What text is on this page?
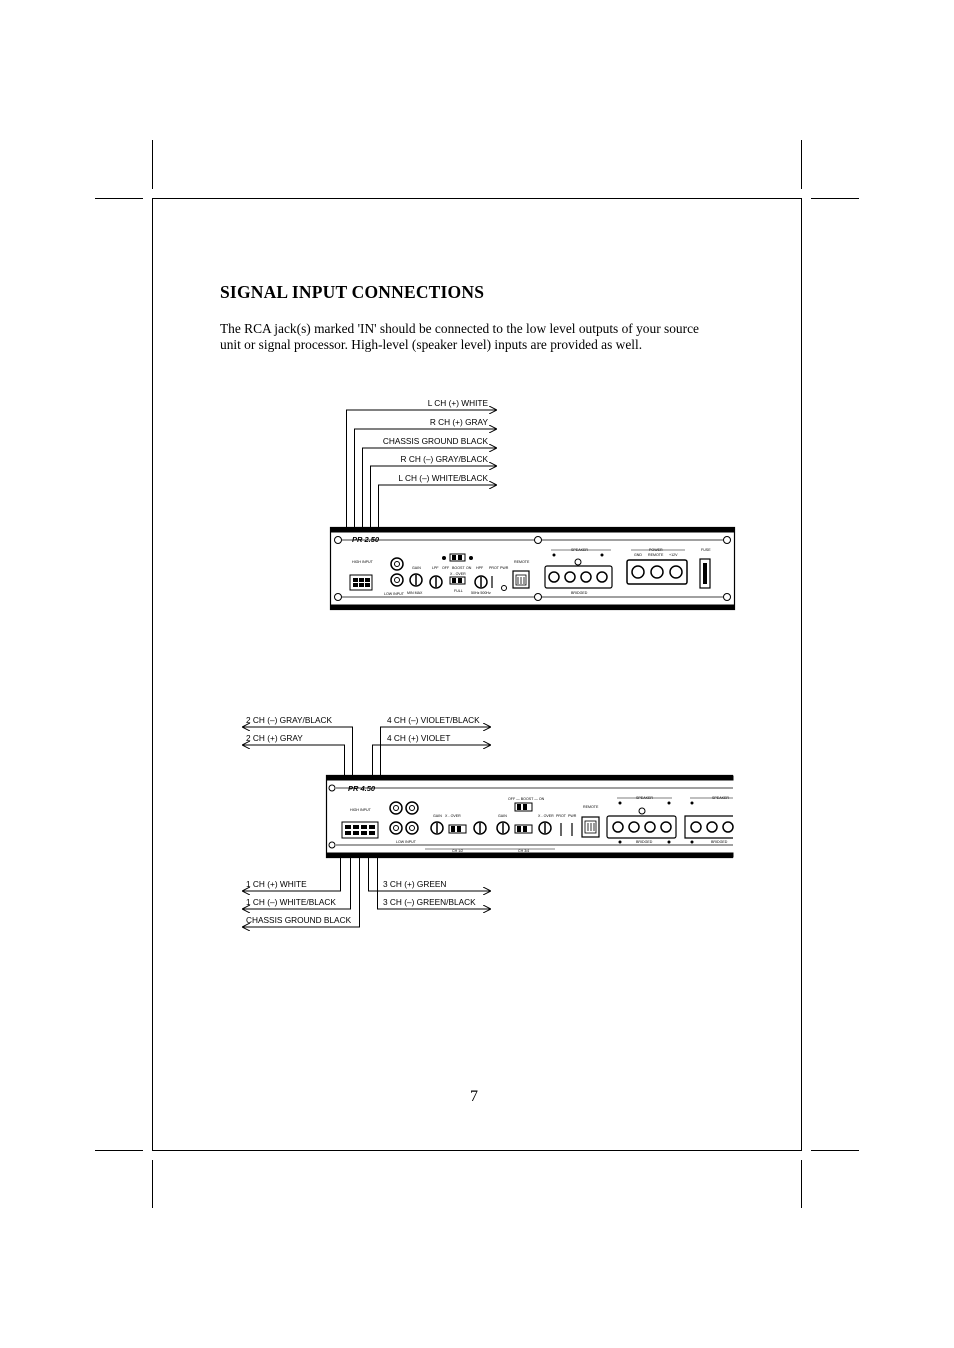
SIGNAL INPUT CONNECTIONS
The RCA jack(s) marked 'IN' should be connected to the low level outputs of your source
unit or signal processor. High-level (speaker level) inputs are provided as well.
L CH (+) WHITE
R CH (+) GRAY
CHASSIS GROUND BLACK
R CH (–) GRAY/BLACK
L CH (–) WHITE/BLACK
PR 2.50
HIGH INPUT
LOW INPUT
GAIN
MIN MAX
LPF OFF BOOST ON HPF PROT PWR
X - OVER
FULL 50Hz 500Hz
REMOTE
SPEAKER
BRIDGED
POWER
GND REMOTE +12V
FUSE
2 CH (–) GRAY/BLACK
2 CH (+) GRAY
4 CH (–) VIOLET/BLACK
4 CH (+) VIOLET
1 CH (+) WHITE
1 CH (–) WHITE/BLACK
CHASSIS GROUND BLACK
3 CH (+) GREEN
3 CH (–) GREEN/BLACK
PR 4.50
HIGH INPUT
LOW INPUT
GAIN X - OVER
CH 1/2
OFF — BOOST — ON
GAIN	X - OVER
CH 3/4
PROT PWR
REMOTE
SPEAKER
BRIDGED
SPEAKER
BRIDGED
7
